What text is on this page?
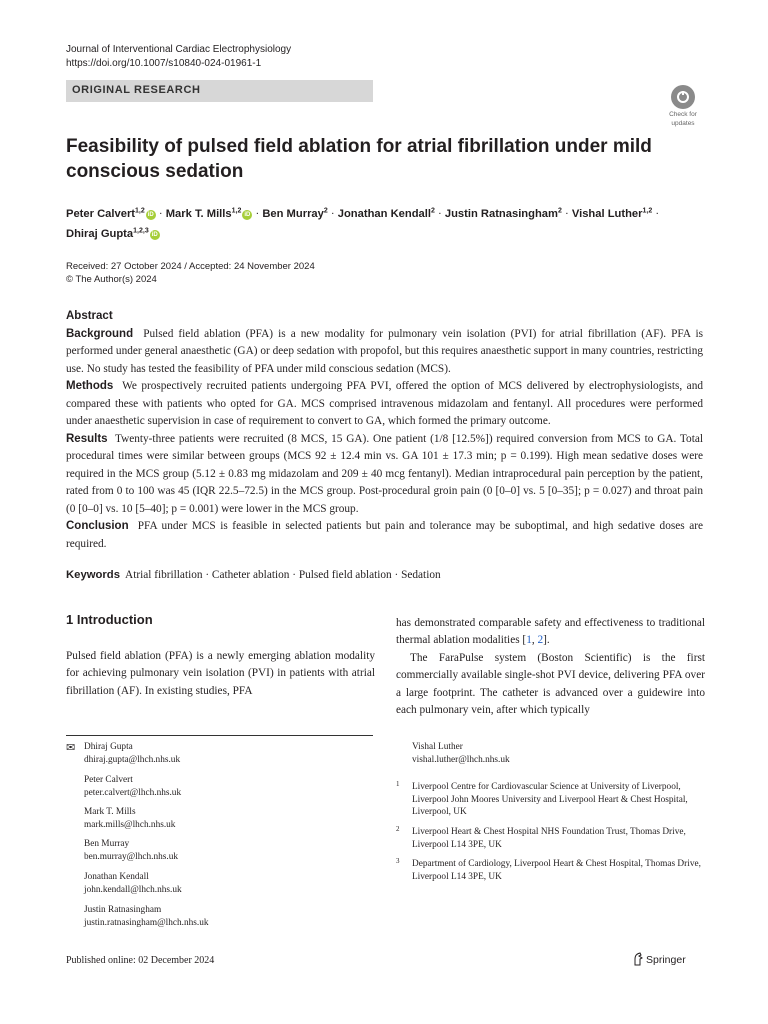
Journal of Interventional Cardiac Electrophysiology
https://doi.org/10.1007/s10840-024-01961-1
ORIGINAL RESEARCH
Check for
updates
Feasibility of pulsed field ablation for atrial fibrillation under mild conscious sedation
Peter Calvert$^{1,2}$iD · Mark T. Mills$^{1,2}$iD · Ben Murray$^2$ · Jonathan Kendall$^2$ · Justin Ratnasingham$^2$ · Vishal Luther$^{1,2}$ ·
Dhiraj Gupta$^{1,2,3}$iD
Received: 27 October 2024 / Accepted: 24 November 2024
© The Author(s) 2024

Abstract

Background Pulsed field ablation (PFA) is a new modality for pulmonary vein isolation (PVI) for atrial fibrillation (AF). PFA is performed under general anaesthetic (GA) or deep sedation with propofol, but this requires anaesthetic support in many countries, restricting use. No study has tested the feasibility of PFA under mild conscious sedation (MCS).

Methods We prospectively recruited patients undergoing PFA PVI, offered the option of MCS delivered by electrophysiologists, and compared these with patients who opted for GA. MCS comprised intravenous midazolam and fentanyl. All procedures were performed under anaesthetic supervision in case of requirement to convert to GA, which formed the primary outcome.

Results Twenty-three patients were recruited (8 MCS, 15 GA). One patient (1/8 [12.5%]) required conversion from MCS to GA. Total procedural times were similar between groups (MCS 92 ± 12.4 min vs. GA 101 ± 17.3 min; p = 0.199). High mean sedative doses were required in the MCS group (5.12 ± 0.83 mg midazolam and 209 ± 40 mcg fentanyl). Median intraprocedural pain perception by the patient, rated from 0 to 100 was 45 (IQR 22.5–72.5) in the MCS group. Post-procedural groin pain (0 [0–0] vs. 5 [0–35]; p = 0.027) and throat pain (0 [0–0] vs. 10 [5–40]; p = 0.001) were lower in the MCS group.

Conclusion PFA under MCS is feasible in selected patients but pain and tolerance may be suboptimal, and high sedative doses are required.

Keywords Atrial fibrillation · Catheter ablation · Pulsed field ablation · Sedation
1 Introduction

Pulsed field ablation (PFA) is a newly emerging ablation modality for achieving pulmonary vein isolation (PVI) in patients with atrial fibrillation (AF). In existing studies, PFA

has demonstrated comparable safety and effectiveness to traditional thermal ablation modalities [1, 2].

The FaraPulse system (Boston Scientific) is the first commercially available single-shot PVI device, delivering PFA over a large footprint. The catheter is advanced over a guidewire into each pulmonary vein, after which typically

✉ Dhiraj Gupta
dhiraj.gupta@lhch.nhs.uk
Peter Calvert
peter.calvert@lhch.nhs.uk
Mark T. Mills
mark.mills@lhch.nhs.uk
Ben Murray
ben.murray@lhch.nhs.uk
Jonathan Kendall
john.kendall@lhch.nhs.uk
Justin Ratnasingham
justin.ratnasingham@lhch.nhs.uk
Vishal Luther
vishal.luther@lhch.nhs.uk
1 Liverpool Centre for Cardiovascular Science at University of Liverpool, Liverpool John Moores University and Liverpool Heart & Chest Hospital, Liverpool, UK
2 Liverpool Heart & Chest Hospital NHS Foundation Trust, Thomas Drive, Liverpool L14 3PE, UK
3 Department of Cardiology, Liverpool Heart & Chest Hospital, Thomas Drive, Liverpool L14 3PE, UK
Published online: 02 December 2024	Springer
